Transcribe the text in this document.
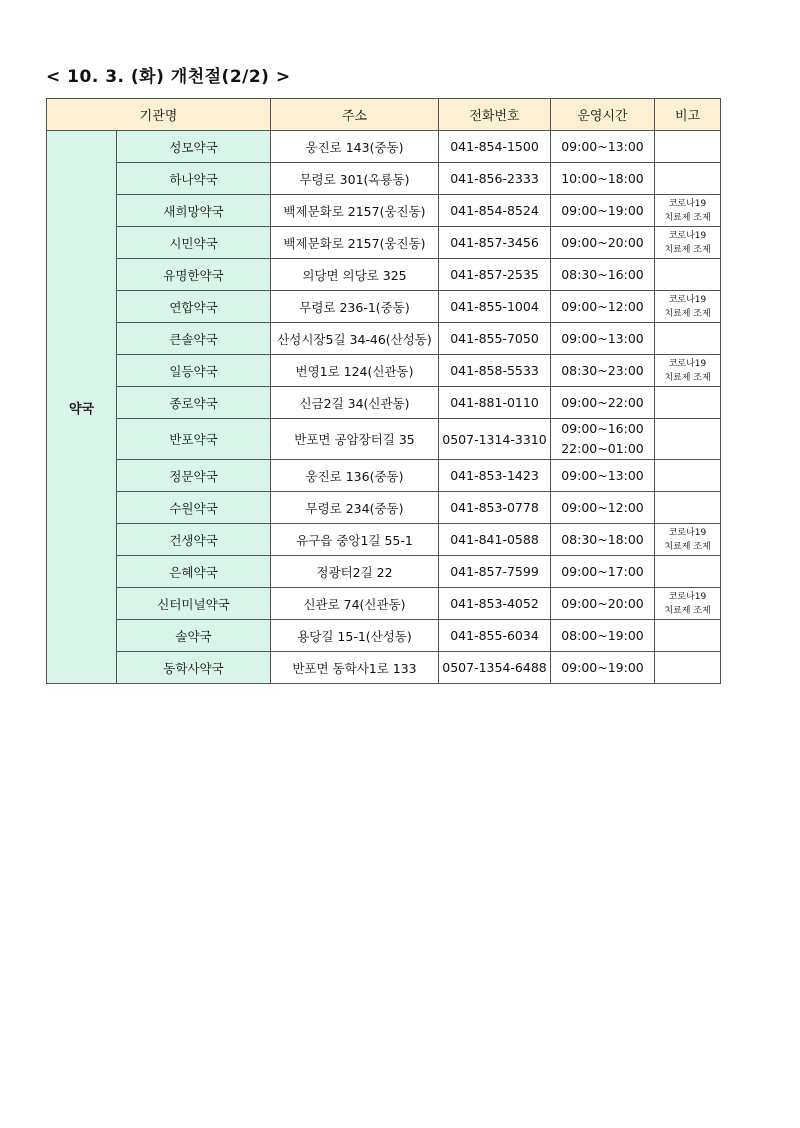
< 10. 3. (화) 개천절(2/2) >
기관명		주소	전화번호	운영시간	비고
약국	성모약국	웅진로 143(중동)	041-854-1500	09:00~13:00	

	하나약국	무령로 301(옥룡동)	041-856-2333	10:00~18:00	

	새희망약국	백제문화로 2157(웅진동)	041-854-8524	09:00~19:00	코로나19
치료제 조제

	시민약국	백제문화로 2157(웅진동)	041-857-3456	09:00~20:00	코로나19
치료제 조제

	유명한약국	의당면 의당로 325	041-857-2535	08:30~16:00	

	연합약국	무령로 236-1(중동)	041-855-1004	09:00~12:00	코로나19
치료제 조제

	큰솔약국	산성시장5길 34-46(산성동)	041-855-7050	09:00~13:00	

	일등약국	번영1로 124(신관동)	041-858-5533	08:30~23:00	코로나19
치료제 조제

	종로약국	신금2길 34(신관동)	041-881-0110	09:00~22:00	

	반포약국	반포면 공암장터길 35	0507-1314-3310	09:00~16:00
22:00~01:00	

	정문약국	웅진로 136(중동)	041-853-1423	09:00~13:00	

	수원약국	무령로 234(중동)	041-853-0778	09:00~12:00	

	건생약국	유구읍 중앙1길 55-1	041-841-0588	08:30~18:00	코로나19
치료제 조제

	은혜약국	정광터2길 22	041-857-7599	09:00~17:00	

	신터미널약국	신관로 74(신관동)	041-853-4052	09:00~20:00	코로나19
치료제 조제

	솔약국	용당길 15-1(산성동)	041-855-6034	08:00~19:00	

	동학사약국	반포면 동학사1로 133	0507-1354-6488	09:00~19:00	
